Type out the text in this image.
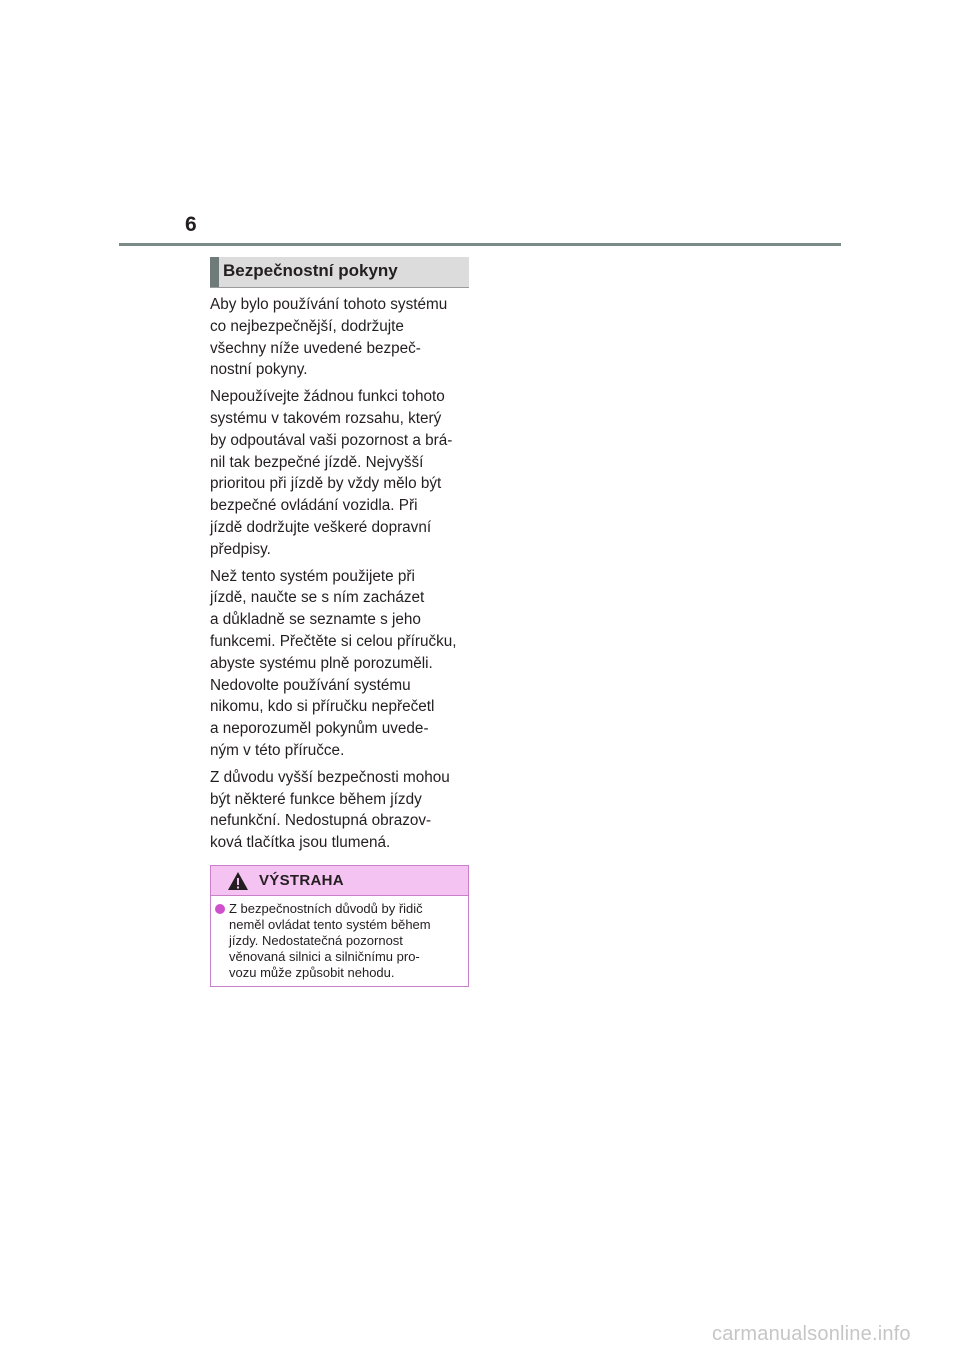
6
Bezpečnostní pokyny

Aby bylo používání tohoto systému
co nejbezpečnější, dodržujte
všechny níže uvedené bezpeč-
nostní pokyny.

Nepoužívejte žádnou funkci tohoto
systému v takovém rozsahu, který
by odpoutával vaši pozornost a brá-
nil tak bezpečné jízdě. Nejvyšší
prioritou při jízdě by vždy mělo být
bezpečné ovládání vozidla. Při
jízdě dodržujte veškeré dopravní
předpisy.

Než tento systém použijete při
jízdě, naučte se s ním zacházet
a důkladně se seznamte s jeho
funkcemi. Přečtěte si celou příručku,
abyste systému plně porozuměli.
Nedovolte používání systému
nikomu, kdo si příručku nepřečetl
a neporozuměl pokynům uvede-
ným v této příručce.

Z důvodu vyšší bezpečnosti mohou
být některé funkce během jízdy
nefunkční. Nedostupná obrazov-
ková tlačítka jsou tlumená.

VÝSTRAHA
Z bezpečnostních důvodů by řidič
neměl ovládat tento systém během
jízdy. Nedostatečná pozornost
věnovaná silnici a silničnímu pro-
vozu může způsobit nehodu.
carmanualsonline.info
